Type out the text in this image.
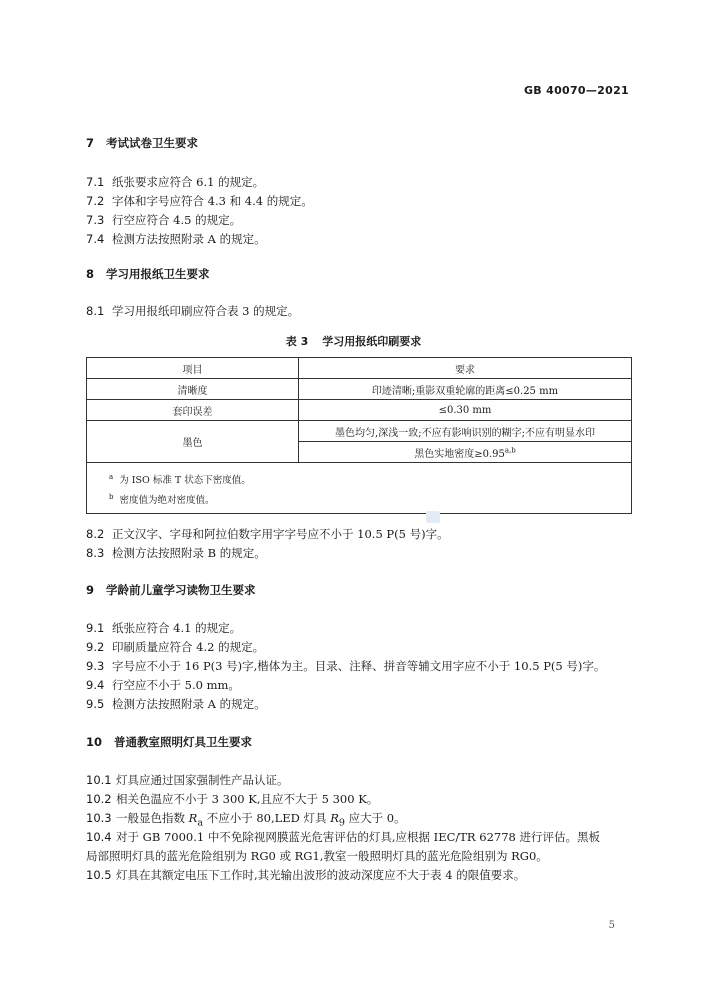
GB 40070—2021
7 考试试卷卫生要求
7.1 纸张要求应符合 6.1 的规定。
7.2 字体和字号应符合 4.3 和 4.4 的规定。
7.3 行空应符合 4.5 的规定。
7.4 检测方法按照附录 A 的规定。
8 学习用报纸卫生要求
8.1 学习用报纸印刷应符合表 3 的规定。
表 3 学习用报纸印刷要求
项目	要求
清晰度	印迹清晰;重影双重轮廓的距离≤0.25 mm
套印误差	≤0.30 mm
墨色	墨色均匀,深浅一致;不应有影响识别的糊字;不应有明显水印
	黑色实地密度$\ge 0.95^{a,b}$

$^a$ 为 ISO 标准 T 状态下密度值。
$^b$ 密度值为绝对密度值。	
8.2 正文汉字、字母和阿拉伯数字用字字号应不小于 10.5 P(5 号)字。
8.3 检测方法按照附录 B 的规定。
9 学龄前儿童学习读物卫生要求
9.1 纸张应符合 4.1 的规定。
9.2 印刷质量应符合 4.2 的规定。
9.3 字号应不小于 16 P(3 号)字,楷体为主。目录、注释、拼音等辅文用字应不小于 10.5 P(5 号)字。
9.4 行空应不小于 5.0 mm。
9.5 检测方法按照附录 A 的规定。
10 普通教室照明灯具卫生要求
10.1 灯具应通过国家强制性产品认证。
10.2 相关色温应不小于 3 300 K,且应不大于 5 300 K。
10.3 一般显色指数 $R_a$ 不应小于 80,LED 灯具 $R_9$ 应大于 0。
10.4 对于 GB 7000.1 中不免除视网膜蓝光危害评估的灯具,应根据 IEC/TR 62778 进行评估。黑板
局部照明灯具的蓝光危险组别为 RG0 或 RG1,教室一般照明灯具的蓝光危险组别为 RG0。
10.5 灯具在其额定电压下工作时,其光输出波形的波动深度应不大于表 4 的限值要求。
5
